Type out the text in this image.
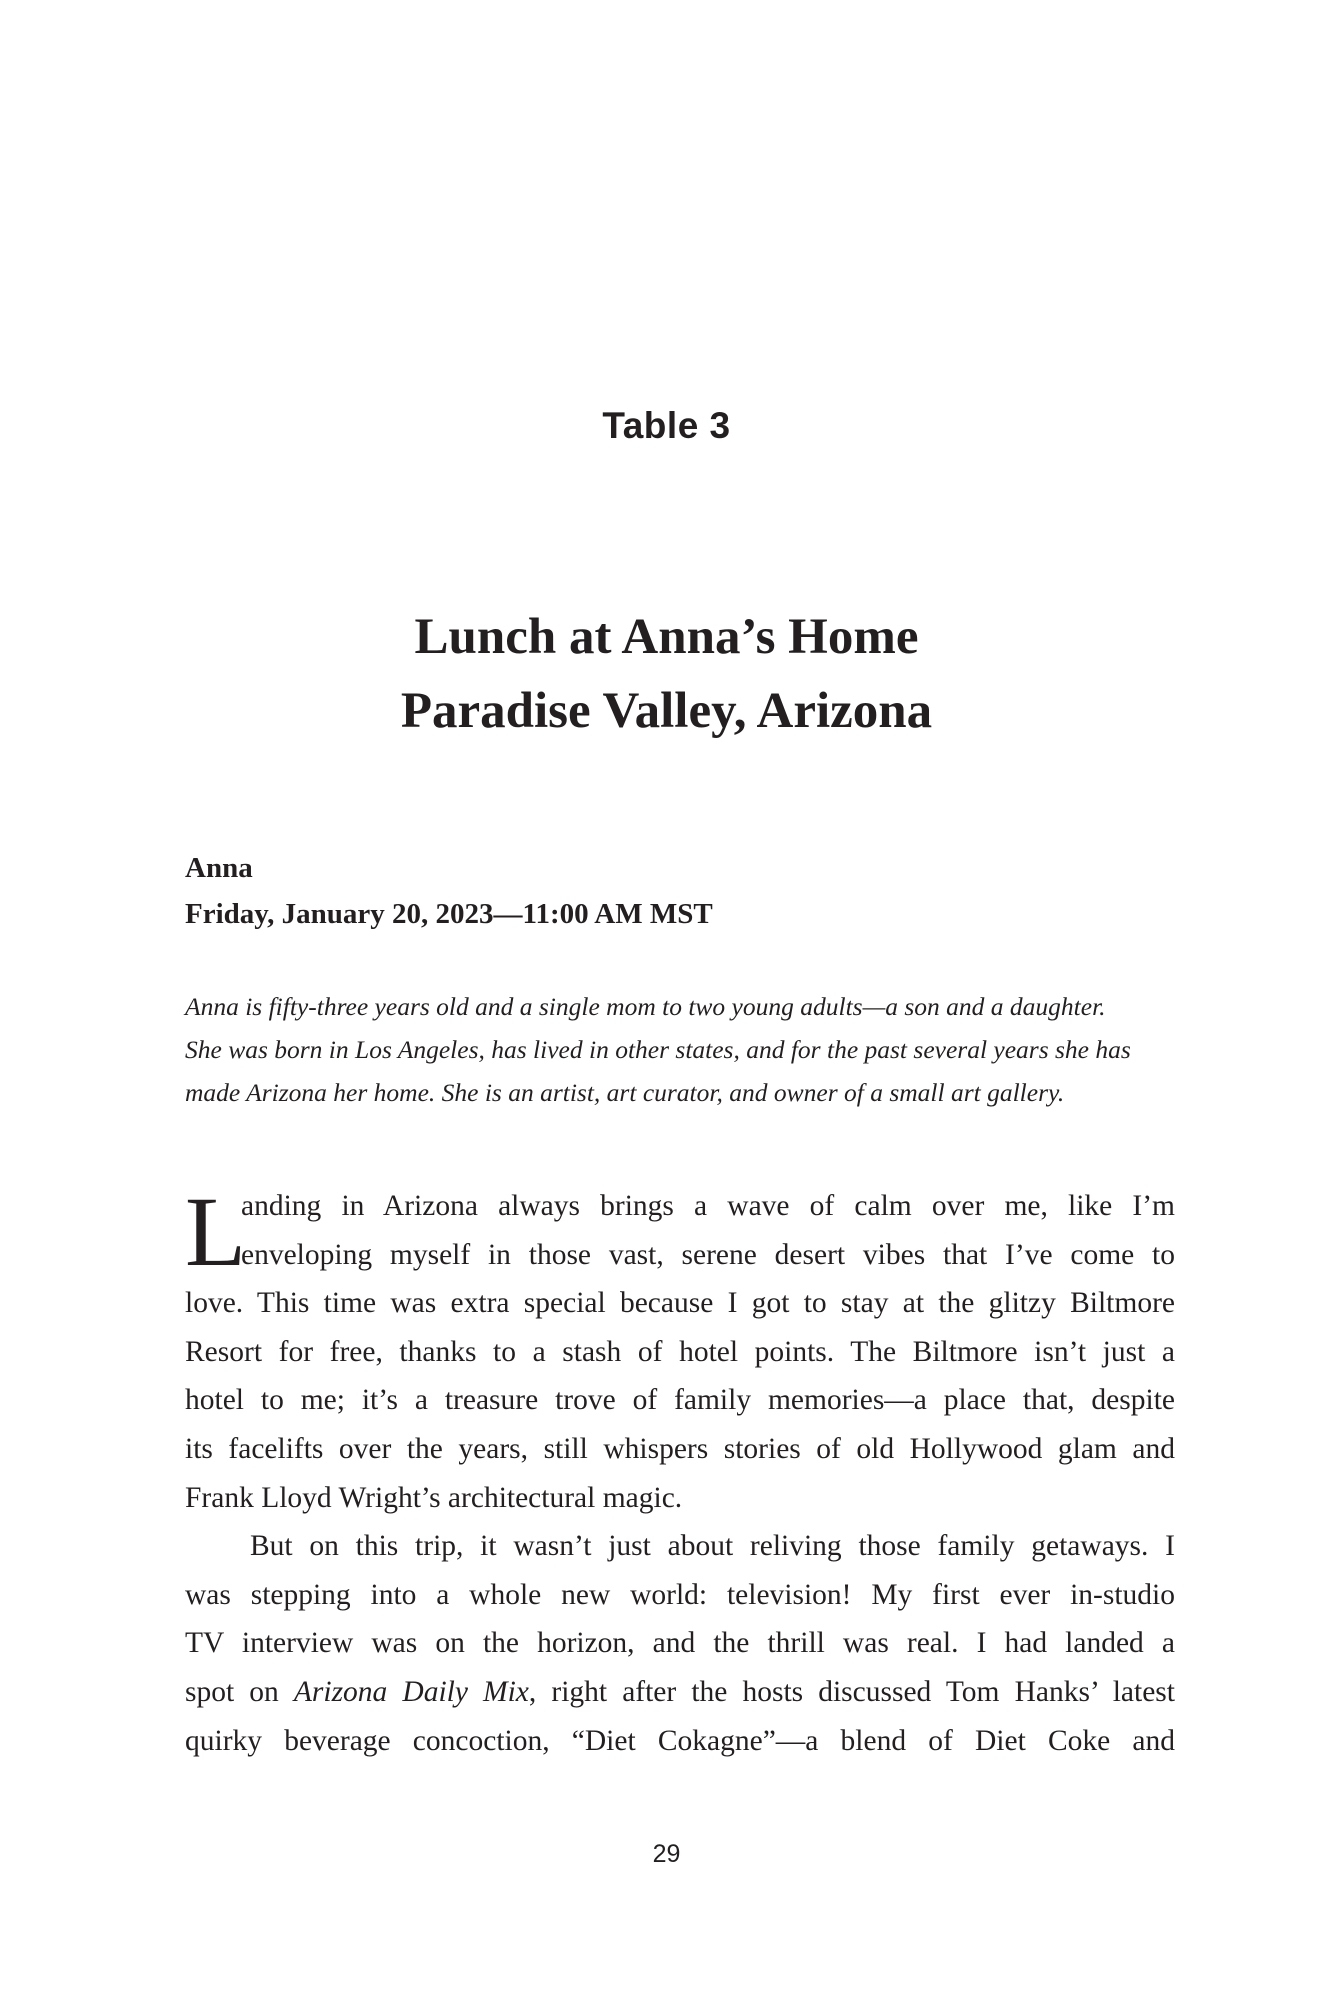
Table 3
Lunch at Anna’s Home
Paradise Valley, Arizona
Anna
Friday, January 20, 2023—11:00 AM MST
Anna is fifty-three years old and a single mom to two young adults—a son and a daughter.
She was born in Los Angeles, has lived in other states, and for the past several years she has
made Arizona her home. She is an artist, art curator, and owner of a small art gallery.
L
anding in Arizona always brings a wave of calm over me, like I’m
enveloping myself in those vast, serene desert vibes that I’ve come to
love. This time was extra special because I got to stay at the glitzy Biltmore
Resort for free, thanks to a stash of hotel points. The Biltmore isn’t just a
hotel to me; it’s a treasure trove of family memories—a place that, despite
its facelifts over the years, still whispers stories of old Hollywood glam and
Frank Lloyd Wright’s architectural magic.
But on this trip, it wasn’t just about reliving those family getaways. I
was stepping into a whole new world: television! My first ever in-studio
TV interview was on the horizon, and the thrill was real. I had landed a
spot on Arizona Daily Mix, right after the hosts discussed Tom Hanks’ latest
quirky beverage concoction, “Diet Cokagne”—a blend of Diet Coke and
29
